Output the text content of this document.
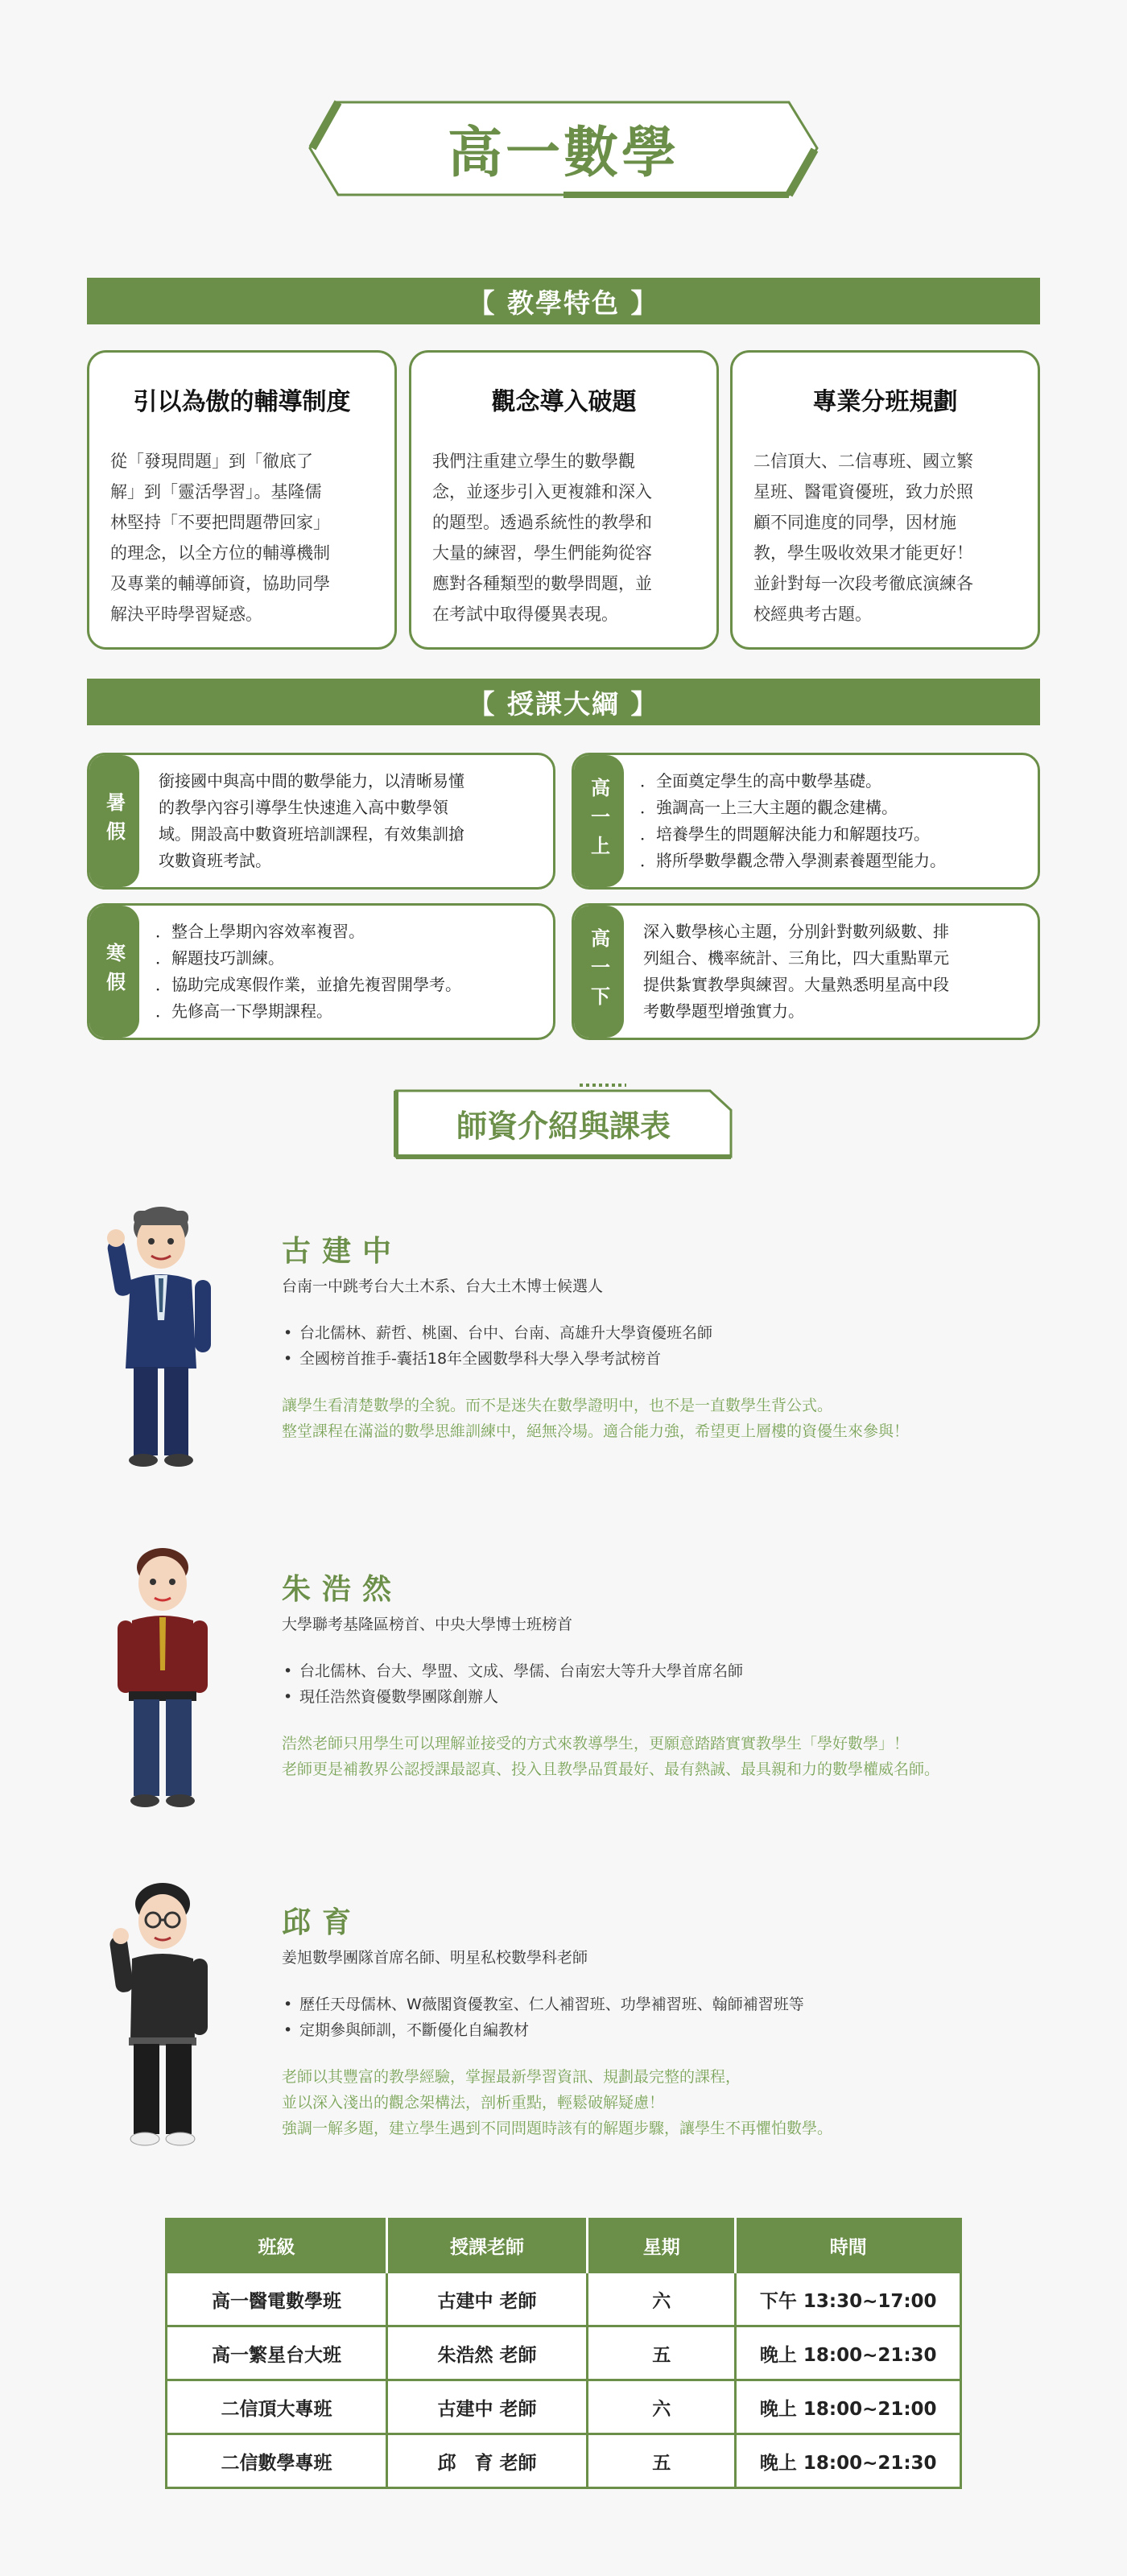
高一數學
【 教學特色 】
引以為傲的輔導制度
從「發現問題」到「徹底了
解」到「靈活學習」。基隆儒
林堅持「不要把問題帶回家」
的理念，以全方位的輔導機制
及專業的輔導師資，協助同學
解決平時學習疑惑。
觀念導入破題
我們注重建立學生的數學觀
念，並逐步引入更複雜和深入
的題型。透過系統性的教學和
大量的練習，學生們能夠從容
應對各種類型的數學問題，並
在考試中取得優異表現。
專業分班規劃
二信頂大、二信專班、國立繁
星班、醫電資優班，致力於照
顧不同進度的同學，因材施
教，學生吸收效果才能更好！
並針對每一次段考徹底演練各
校經典考古題。
【 授課大綱 】
暑假
銜接國中與高中間的數學能力，以清晰易懂
的教學內容引導學生快速進入高中數學領
域。開設高中數資班培訓課程，有效集訓搶
攻數資班考試。	高一上	． 全面奠定學生的高中數學基礎。
． 強調高一上三大主題的觀念建構。
． 培養學生的問題解決能力和解題技巧。
． 將所學數學觀念帶入學測素養題型能力。
寒假
． 整合上學期內容效率複習。
． 解題技巧訓練。
． 協助完成寒假作業，並搶先複習開學考。
． 先修高一下學期課程。	高一下	深入數學核心主題，分別針對數列級數、排
列組合、機率統計、三角比，四大重點單元
提供紮實教學與練習。大量熟悉明星高中段
考數學題型增強實力。
師資介紹與課表
古建中
台南一中跳考台大土木系、台大土木博士候選人
• 台北儒林、薪哲、桃園、台中、台南、高雄升大學資優班名師
• 全國榜首推手-囊括18年全國數學科大學入學考試榜首
讓學生看清楚數學的全貌。而不是迷失在數學證明中，也不是一直數學生背公式。
整堂課程在滿溢的數學思維訓練中，絕無冷場。適合能力強，希望更上層樓的資優生來參與！
朱浩然
大學聯考基隆區榜首、中央大學博士班榜首
• 台北儒林、台大、學盟、文成、學儒、台南宏大等升大學首席名師
• 現任浩然資優數學團隊創辦人
浩然老師只用學生可以理解並接受的方式來教導學生，更願意踏踏實實教學生「學好數學」！
老師更是補教界公認授課最認真、投入且教學品質最好、最有熱誠、最具親和力的數學權威名師。
邱育
姜旭數學團隊首席名師、明星私校數學科老師
• 歷任天母儒林、W薇閣資優教室、仁人補習班、功學補習班、翰師補習班等
• 定期參與師訓，不斷優化自編教材
老師以其豐富的教學經驗，掌握最新學習資訊、規劃最完整的課程，
並以深入淺出的觀念架構法，剖析重點，輕鬆破解疑慮！
強調一解多題，建立學生遇到不同問題時該有的解題步驟，讓學生不再懼怕數學。
班級	授課老師	星期	時間
高一醫電數學班	古建中 老師	六	下午 13:30~17:00
高一繁星台大班	朱浩然 老師	五	晚上 18:00~21:30
二信頂大專班	古建中 老師	六	晚上 18:00~21:00
二信數學專班	邱　育 老師	五	晚上 18:00~21:30
